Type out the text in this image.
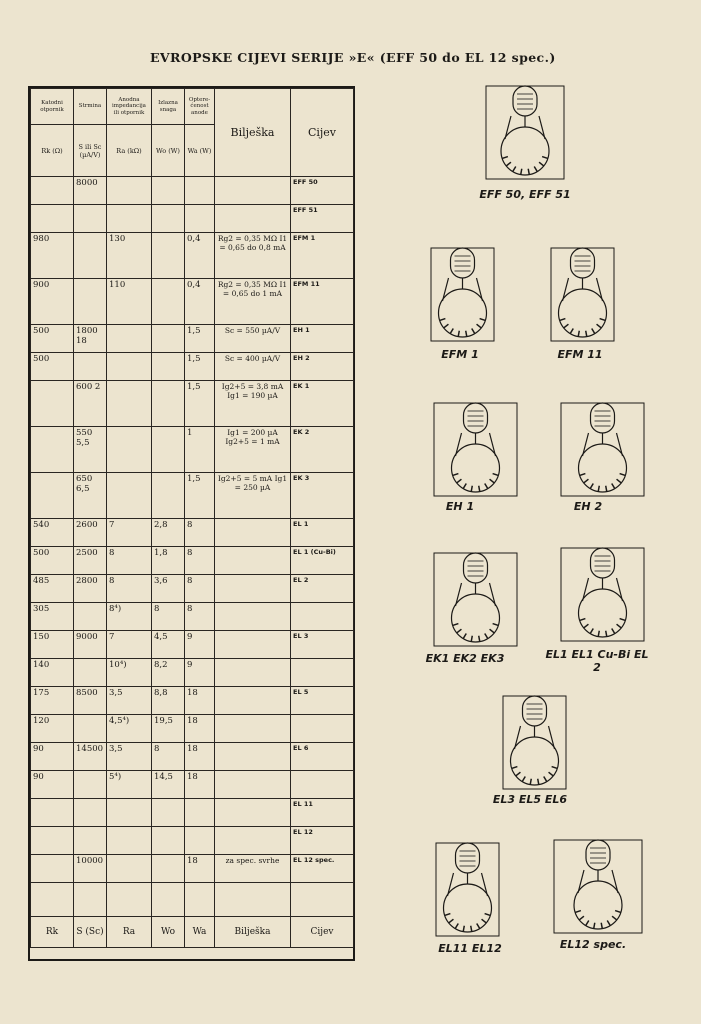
EVROPSKE CIJEVI SERIJE »E« (EFF 50 do EL 12 spec.)
Katodni otpornik	Strmina	Anodna impedancija ili otpornik	Izlazna snaga	Optere-ćenost anode	Bilješka	Cijev
Rk (Ω)	S ili Sc (µA/V)	Ra (kΩ)	Wo (W)	Wa (W)		
	8000					EFF 50
						EFF 51
980		130		0,4	Rg2 = 0,35 MΩ I1 = 0,65 do 0,8 mA	EFM 1
900		110		0,4	Rg2 = 0,35 MΩ I1 = 0,65 do 1 mA	EFM 11
500	1800 18			1,5	Sc = 550 µA/V	EH 1
500				1,5	Sc = 400 µA/V	EH 2
	600 2			1,5	Ig2+5 = 3,8 mA Ig1 = 190 µA	EK 1
	550 5,5			1	Ig1 = 200 µA Ig2+5 = 1 mA	EK 2
	650 6,5			1,5	Ig2+5 = 5 mA Ig1 = 250 µA	EK 3
540	2600	7	2,8	8		EL 1
500	2500	8	1,8	8		EL 1 (Cu-Bi)
485	2800	8	3,6	8		EL 2
305		8⁴)	8	8		
150	9000	7	4,5	9		EL 3
140		10⁴)	8,2	9		
175	8500	3,5	8,8	18		EL 5
120		4,5⁴)	19,5	18		
90	14500	3,5	8	18		EL 6
90		5⁴)	14,5	18		
						EL 11
						EL 12
	10000			18	za spec. svrhe	EL 12 spec.

Rk	S (Sc)	Ra	Wo	Wa	Bilješka	Cijev
EFF 50, EFF 51
EFM 1	EFM 11
EH 1	EH 2
EK1 EK2 EK3	EL1 EL1 Cu-Bi EL 2
EL3 EL5 EL6
EL11 EL12	EL12 spec.
